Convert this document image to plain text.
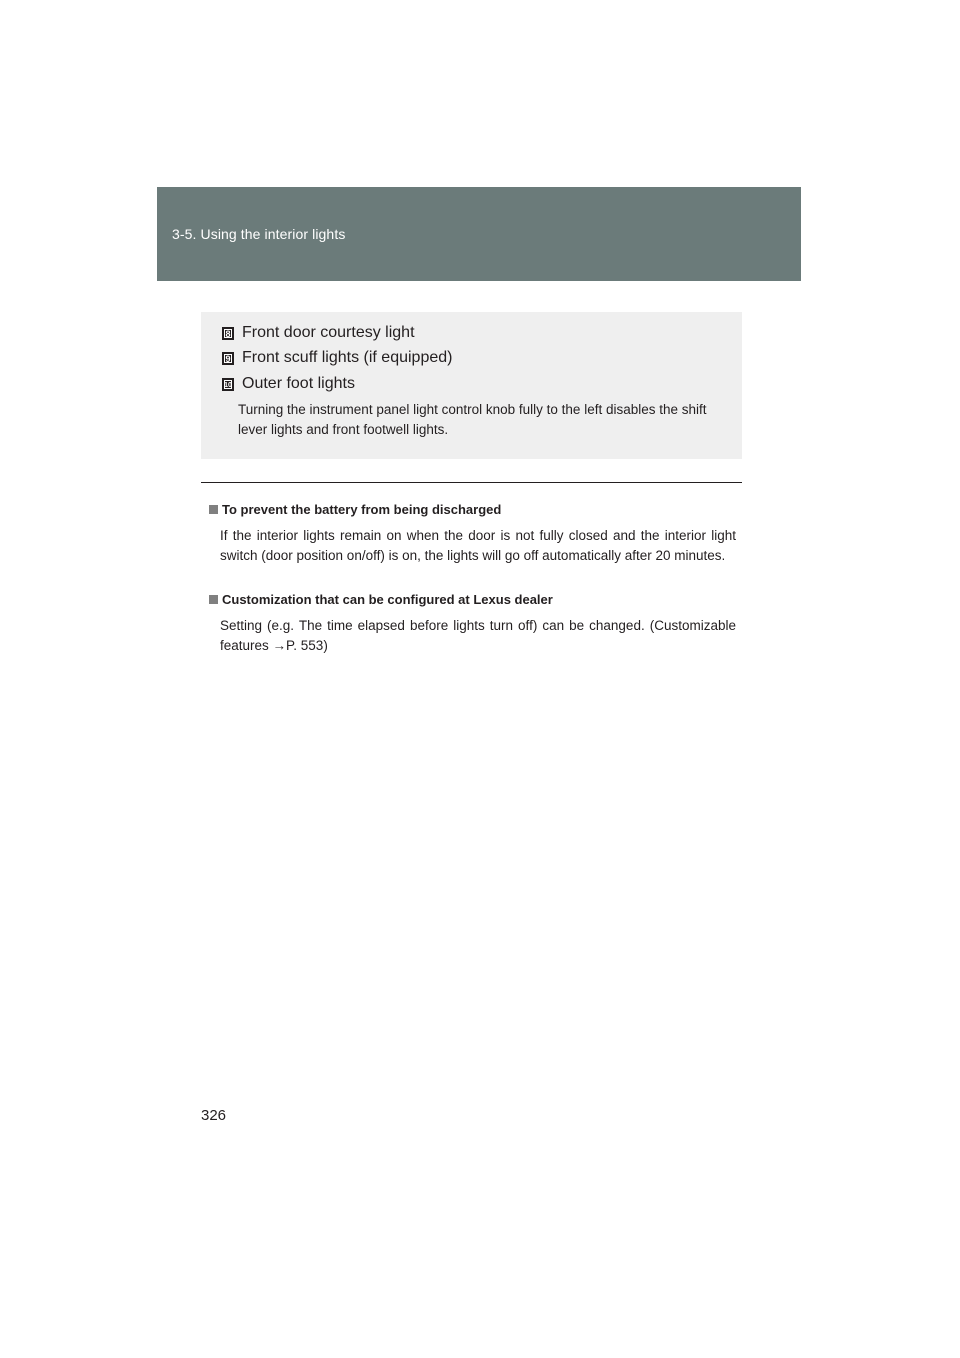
3-5. Using the interior lights
8 Front door courtesy light
9 Front scuff lights (if equipped)
10 Outer foot lights
Turning the instrument panel light control knob fully to the left disables the shift lever lights and front footwell lights.
To prevent the battery from being discharged
If the interior lights remain on when the door is not fully closed and the interior light switch (door position on/off) is on, the lights will go off automatically after 20 minutes.
Customization that can be configured at Lexus dealer
Setting (e.g. The time elapsed before lights turn off) can be changed. (Customizable features →P. 553)
326
